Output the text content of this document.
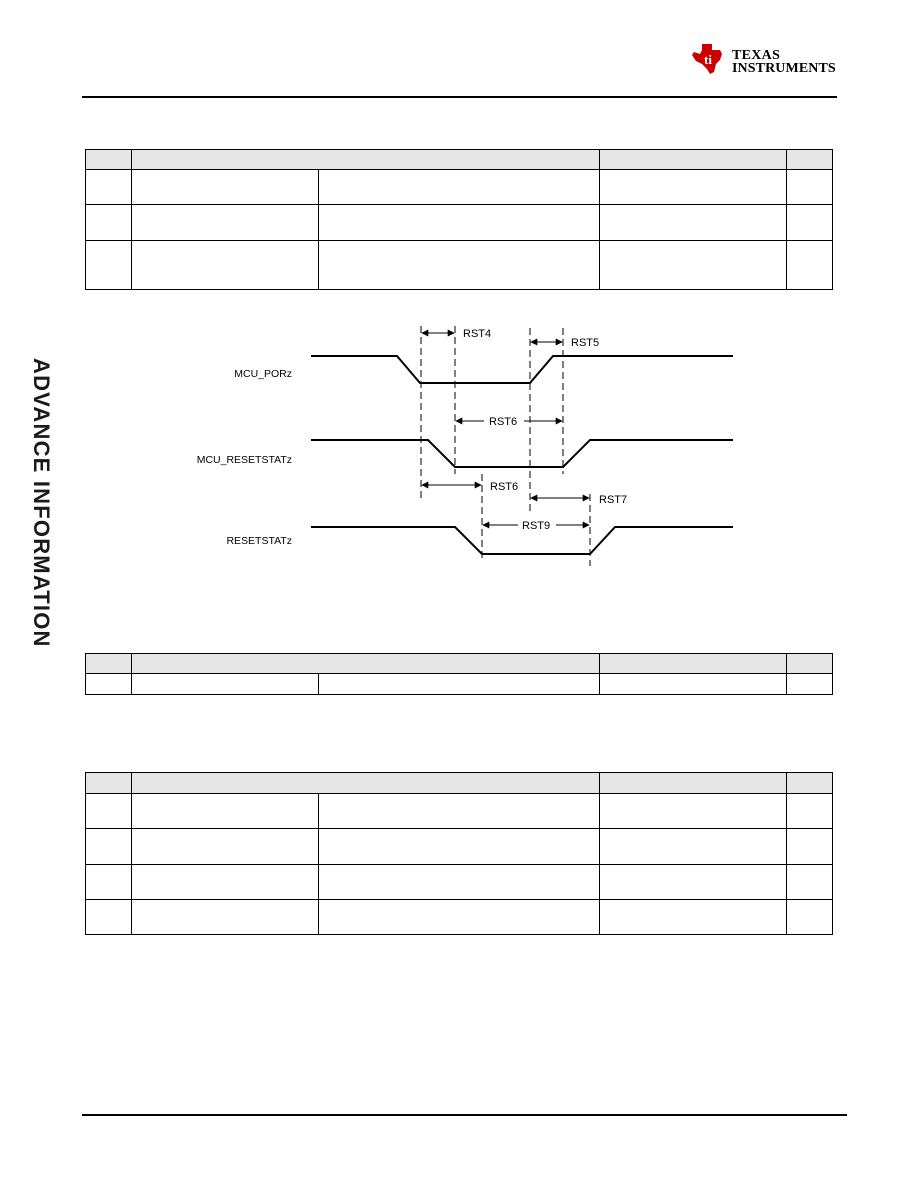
ti TEXAS
INSTRUMENTS
ADVANCE INFORMATION

RST4
RST5
RST6
RST6
RST7
RST9
MCU_PORz
MCU_RESETSTATz
RESETSTATz
